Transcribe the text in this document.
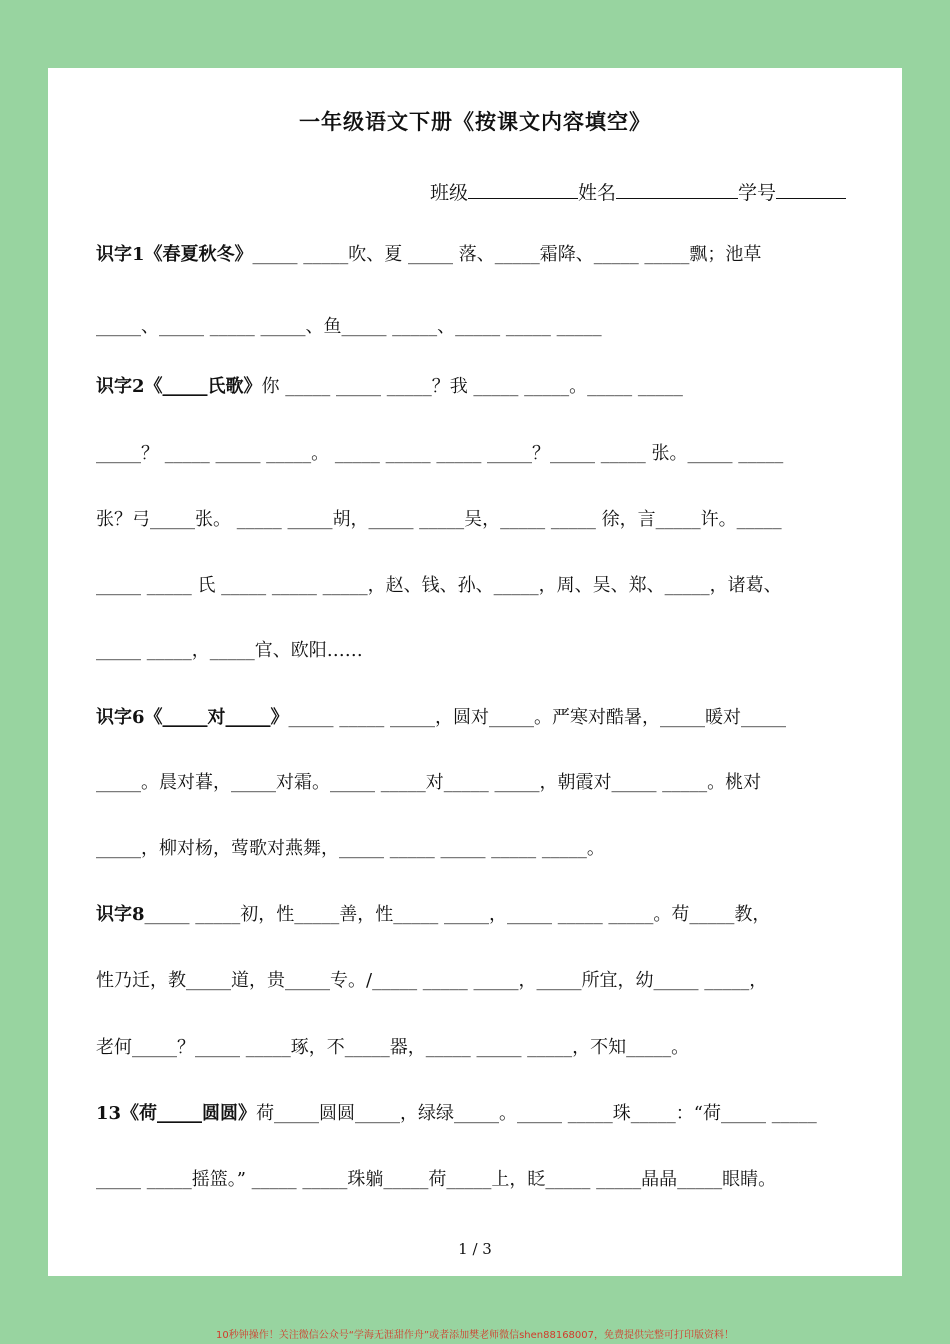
一年级语文下册《按课文内容填空》
班级	姓名	学号
识字1《春夏秋冬》_____ _____吹、夏 _____ 落、_____霜降、_____ _____飘；池草
_____、_____ _____ _____、鱼_____ _____、_____ _____ _____
识字2《_____氏歌》你 _____ _____ _____？我 _____ _____。_____ _____
_____？ _____ _____ _____。 _____ _____ _____ _____？_____ _____ 张。_____ _____
张？弓_____张。 _____ _____胡，_____ _____吴，_____ _____ 徐，言_____许。_____
_____ _____ 氏 _____ _____ _____，赵、钱、孙、_____，周、吴、郑、_____，诸葛、
_____ _____，_____官、欧阳……
识字6《_____对_____》_____ _____ _____，圆对_____。严寒对酷暑，_____暖对_____
_____。晨对暮，_____对霜。_____ _____对_____ _____，朝霞对_____ _____。桃对
_____，柳对杨，莺歌对燕舞，_____ _____ _____ _____ _____。
识字8_____ _____初，性_____善，性_____ _____，_____ _____ _____。苟_____教，
性乃迁，教_____道，贵_____专。/_____ _____ _____，_____所宜，幼_____ _____，
老何_____？_____ _____琢，不_____器，_____ _____ _____，不知_____。
13《荷_____圆圆》荷_____圆圆_____，绿绿_____。_____ _____珠_____：“荷_____ _____
_____ _____摇篮。” _____ _____珠躺_____荷_____上，眨_____ _____晶晶_____眼睛。
1 / 3
10秒钟操作！关注微信公众号“学海无涯甜作舟”或者添加樊老师微信shen88168007，免费提供完整可打印版资料！
